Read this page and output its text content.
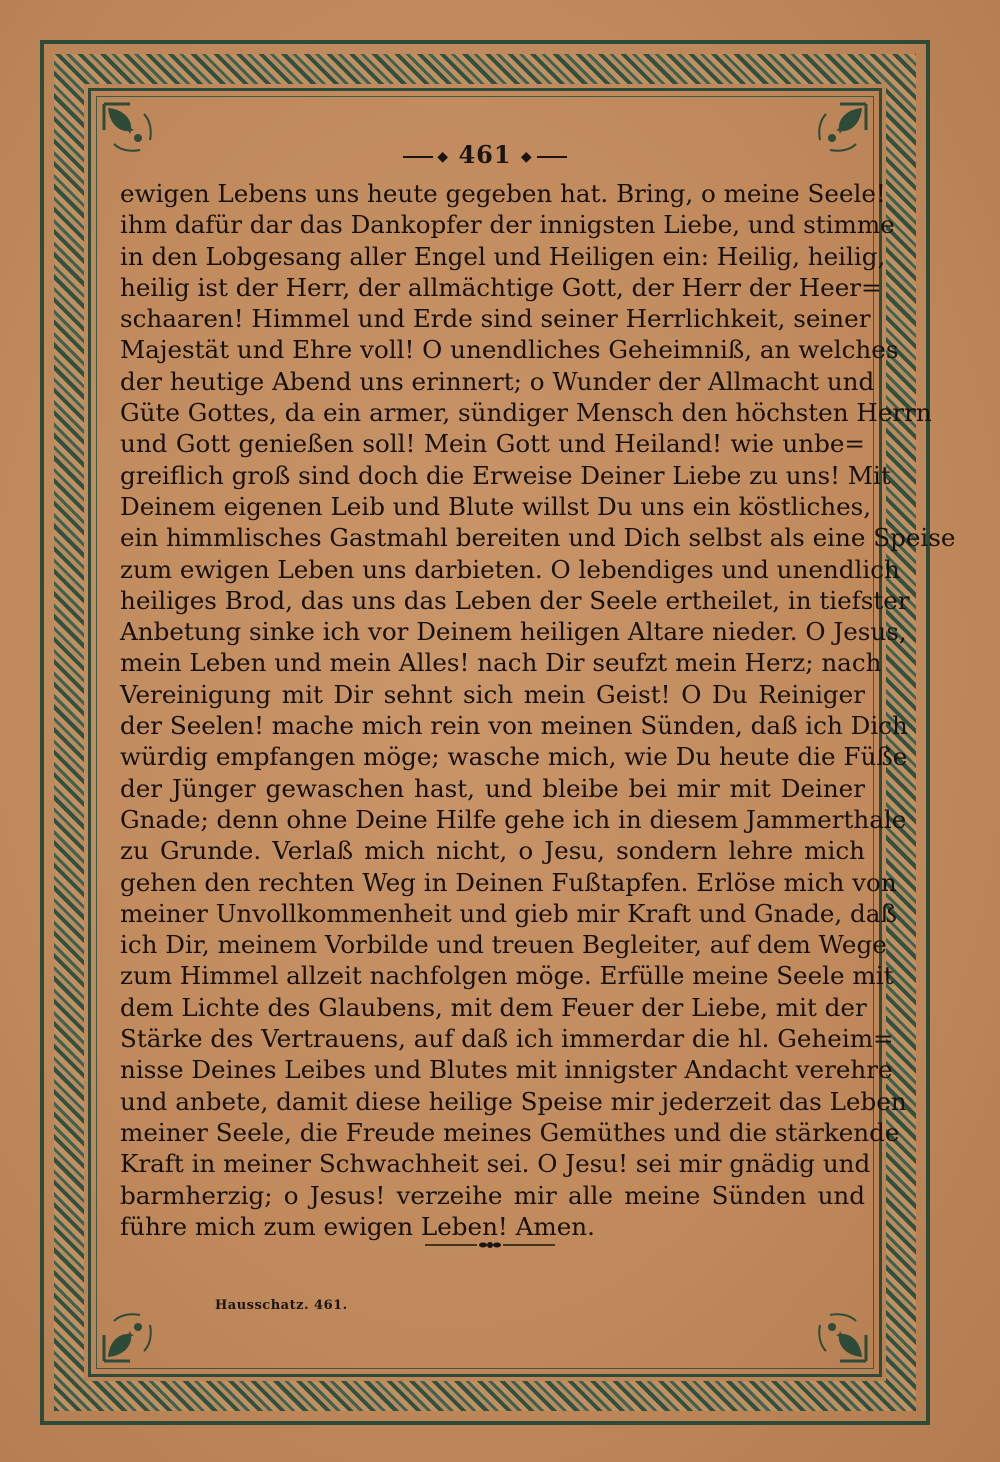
◆ 461 ◆
ewigen Lebens uns heute gegeben hat. Bring, o meine Seele!
ihm dafür dar das Dankopfer der innigsten Liebe, und stimme
in den Lobgesang aller Engel und Heiligen ein: Heilig, heilig,
heilig ist der Herr, der allmächtige Gott, der Herr der Heer=
schaaren! Himmel und Erde sind seiner Herrlichkeit, seiner
Majestät und Ehre voll! O unendliches Geheimniß, an welches
der heutige Abend uns erinnert; o Wunder der Allmacht und
Güte Gottes, da ein armer, sündiger Mensch den höchsten Herrn
und Gott genießen soll! Mein Gott und Heiland! wie unbe=
greiflich groß sind doch die Erweise Deiner Liebe zu uns! Mit
Deinem eigenen Leib und Blute willst Du uns ein köstliches,
ein himmlisches Gastmahl bereiten und Dich selbst als eine Speise
zum ewigen Leben uns darbieten. O lebendiges und unendlich
heiliges Brod, das uns das Leben der Seele ertheilet, in tiefster
Anbetung sinke ich vor Deinem heiligen Altare nieder. O Jesus,
mein Leben und mein Alles! nach Dir seufzt mein Herz; nach
Vereinigung mit Dir sehnt sich mein Geist! O Du Reiniger
der Seelen! mache mich rein von meinen Sünden, daß ich Dich
würdig empfangen möge; wasche mich, wie Du heute die Füße
der Jünger gewaschen hast, und bleibe bei mir mit Deiner
Gnade; denn ohne Deine Hilfe gehe ich in diesem Jammerthale
zu Grunde. Verlaß mich nicht, o Jesu, sondern lehre mich
gehen den rechten Weg in Deinen Fußtapfen. Erlöse mich von
meiner Unvollkommenheit und gieb mir Kraft und Gnade, daß
ich Dir, meinem Vorbilde und treuen Begleiter, auf dem Wege
zum Himmel allzeit nachfolgen möge. Erfülle meine Seele mit
dem Lichte des Glaubens, mit dem Feuer der Liebe, mit der
Stärke des Vertrauens, auf daß ich immerdar die hl. Geheim=
nisse Deines Leibes und Blutes mit innigster Andacht verehre
und anbete, damit diese heilige Speise mir jederzeit das Leben
meiner Seele, die Freude meines Gemüthes und die stärkende
Kraft in meiner Schwachheit sei. O Jesu! sei mir gnädig und
barmherzig; o Jesus! verzeihe mir alle meine Sünden und
führe mich zum ewigen Leben! Amen.
Hausschatz. 461.
